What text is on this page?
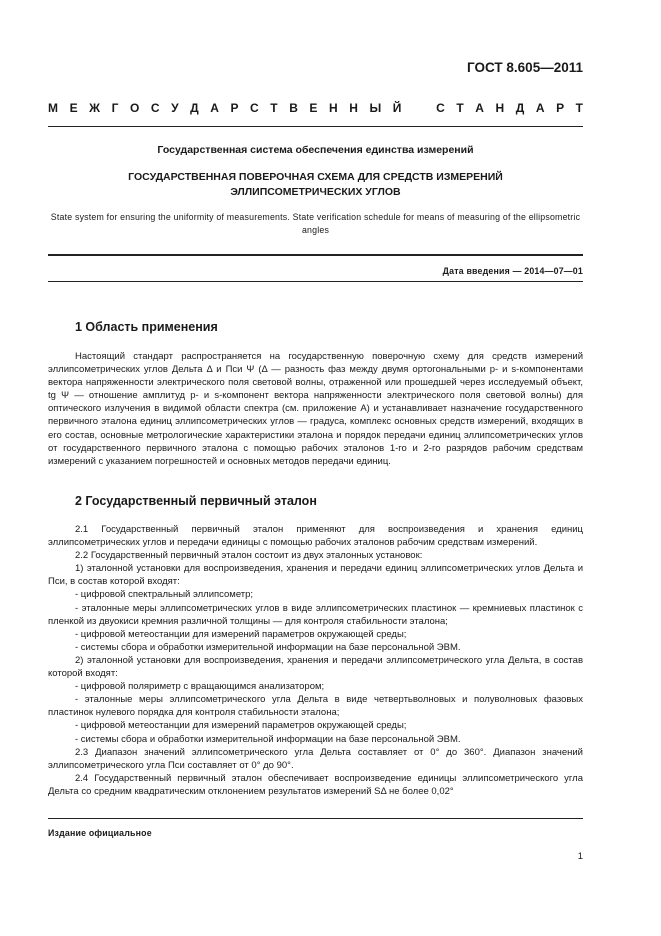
ГОСТ 8.605—2011
М Е Ж Г О С У Д А Р С Т В Е Н Н Ы Й	С Т А Н Д А Р Т
Государственная система обеспечения единства измерений
ГОСУДАРСТВЕННАЯ ПОВЕРОЧНАЯ СХЕМА ДЛЯ СРЕДСТВ ИЗМЕРЕНИЙ
ЭЛЛИПСОМЕТРИЧЕСКИХ УГЛОВ
State system for ensuring the uniformity of measurements. State verification schedule for means of measuring of the ellipsometric angles
Дата введения — 2014—07—01
1 Область применения

Настоящий стандарт распространяется на государственную поверочную схему для средств измерений эллипсометрических углов Дельта Δ и Пси Ψ (Δ — разность фаз между двумя ортогональными p- и s-компонентами вектора напряженности электрического поля световой волны, отраженной или прошедшей через исследуемый объект, tg Ψ — отношение амплитуд p- и s-компонент вектора напряженности электрического поля световой волны) для оптического излучения в видимой области спектра (см. приложение А) и устанавливает назначение государственного первичного эталона единиц эллипсометрических углов — градуса, комплекс основных средств измерений, входящих в его состав, основные метрологические характеристики эталона и порядок передачи единиц эллипсометрических углов от государственного первичного эталона с помощью рабочих эталонов 1-го и 2-го разрядов рабочим средствам измерений с указанием погрешностей и основных методов передачи единиц.

2 Государственный первичный эталон

2.1 Государственный первичный эталон применяют для воспроизведения и хранения единиц эллипсометрических углов и передачи единицы с помощью рабочих эталонов рабочим средствам измерений.

2.2 Государственный первичный эталон состоит из двух эталонных установок:

1) эталонной установки для воспроизведения, хранения и передачи единиц эллипсометрических углов Дельта и Пси, в состав которой входят:

- цифровой спектральный эллипсометр;

- эталонные меры эллипсометрических углов в виде эллипсометрических пластинок — кремниевых пластинок с пленкой из двуокиси кремния различной толщины — для контроля стабильности эталона;

- цифровой метеостанции для измерений параметров окружающей среды;

- системы сбора и обработки измерительной информации на базе персональной ЭВМ.

2) эталонной установки для воспроизведения, хранения и передачи эллипсометрического угла Дельта, в состав которой входят:

- цифровой поляриметр с вращающимся анализатором;

- эталонные меры эллипсометрического угла Дельта в виде четвертьволновых и полуволновых фазовых пластинок нулевого порядка для контроля стабильности эталона;

- цифровой метеостанции для измерений параметров окружающей среды;

- системы сбора и обработки измерительной информации на базе персональной ЭВМ.

2.3 Диапазон значений эллипсометрического угла Дельта составляет от 0° до 360°. Диапазон значений эллипсометрического угла Пси составляет от 0° до 90°.

2.4 Государственный первичный эталон обеспечивает воспроизведение единицы эллипсометрического угла Дельта со средним квадратическим отклонением результатов измерений SΔ не более 0,02°

Издание официальное
1
